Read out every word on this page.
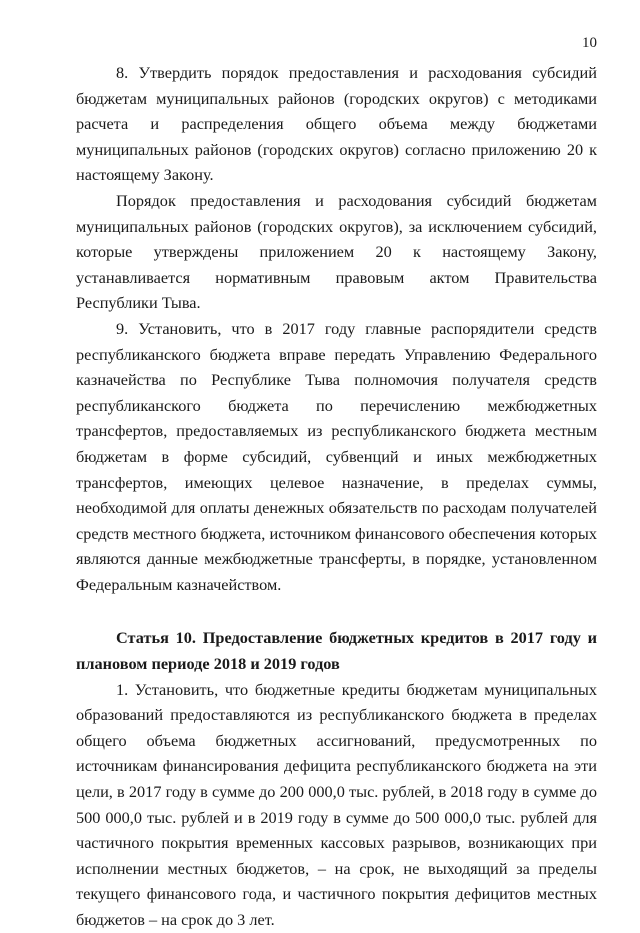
10

8. Утвердить порядок предоставления и расходования субсидий бюджетам муниципальных районов (городских округов) с методиками расчета и распределения общего объема между бюджетами муниципальных районов (городских округов) согласно приложению 20 к настоящему Закону.

Порядок предоставления и расходования субсидий бюджетам муниципальных районов (городских округов), за исключением субсидий, которые утверждены приложением 20 к настоящему Закону, устанавливается нормативным правовым актом Правительства Республики Тыва.

9. Установить, что в 2017 году главные распорядители средств республиканского бюджета вправе передать Управлению Федерального казначейства по Республике Тыва полномочия получателя средств республиканского бюджета по перечислению межбюджетных трансфертов, предоставляемых из республиканского бюджета местным бюджетам в форме субсидий, субвенций и иных межбюджетных трансфертов, имеющих целевое назначение, в пределах суммы, необходимой для оплаты денежных обязательств по расходам получателей средств местного бюджета, источником финансового обеспечения которых являются данные межбюджетные трансферты, в порядке, установленном Федеральным казначейством.

Статья 10. Предоставление бюджетных кредитов в 2017 году и плановом периоде 2018 и 2019 годов

1. Установить, что бюджетные кредиты бюджетам муниципальных образований предоставляются из республиканского бюджета в пределах общего объема бюджетных ассигнований, предусмотренных по источникам финансирования дефицита республиканского бюджета на эти цели, в 2017 году в сумме до 200 000,0 тыс. рублей, в 2018 году в сумме до 500 000,0 тыс. рублей и в 2019 году в сумме до 500 000,0 тыс. рублей для частичного покрытия временных кассовых разрывов, возникающих при исполнении местных бюджетов, – на срок, не выходящий за пределы текущего финансового года, и частичного покрытия дефицитов местных бюджетов – на срок до 3 лет.
